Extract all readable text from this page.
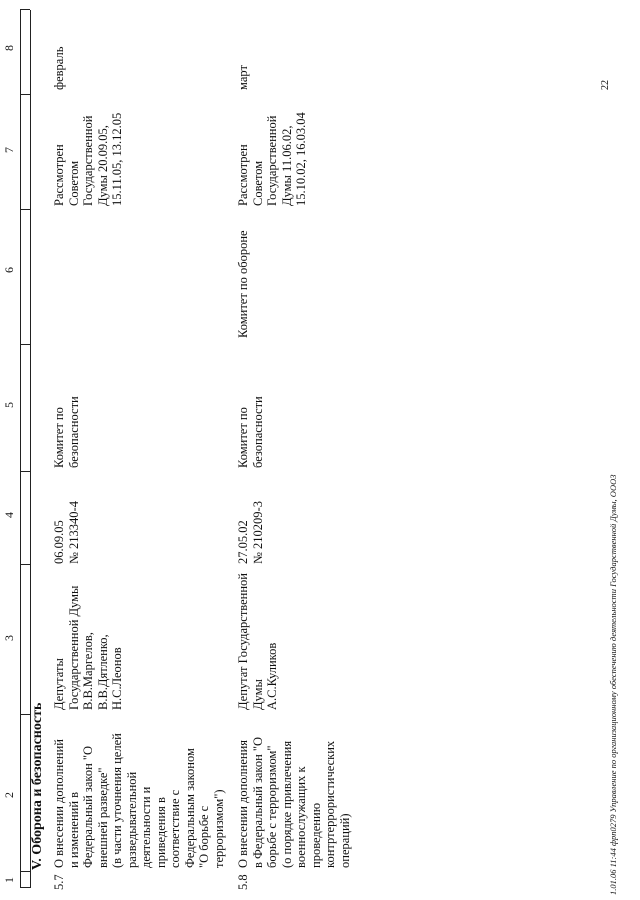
1
2
3
4
5
6
7
8
V. Оборона и безопасность
5.7
О внесении дополнений
и изменений в
Федеральный закон "О
внешней разведке"
(в части уточнения целей
разведывательной
деятельности и
приведения в
соответствие с
Федеральным законом
"О борьбе с
терроризмом")
Депутаты
Государственной Думы
В.В.Маргелов,
В.В.Дятленко,
Н.С.Леонов
06.09.05
№ 213340-4
Комитет по
безопасности
Рассмотрен
Советом
Государственной
Думы 20.09.05,
15.11.05, 13.12.05
февраль
5.8
О внесении дополнения
в Федеральный закон "О
борьбе с терроризмом"
(о порядке привлечения
военнослужащих к
проведению
контртеррористических
операций)
Депутат Государственной
Думы
А.С.Куликов
27.05.02
№ 210209-3
Комитет по
безопасности
Комитет по обороне
Рассмотрен
Советом
Государственной
Думы 11.06.02,
15.10.02, 16.03.04
март
1.01.06 11:44 фрп0279 Управление по организационному обеспечению деятельности Государственной Думы, ООО3
22
